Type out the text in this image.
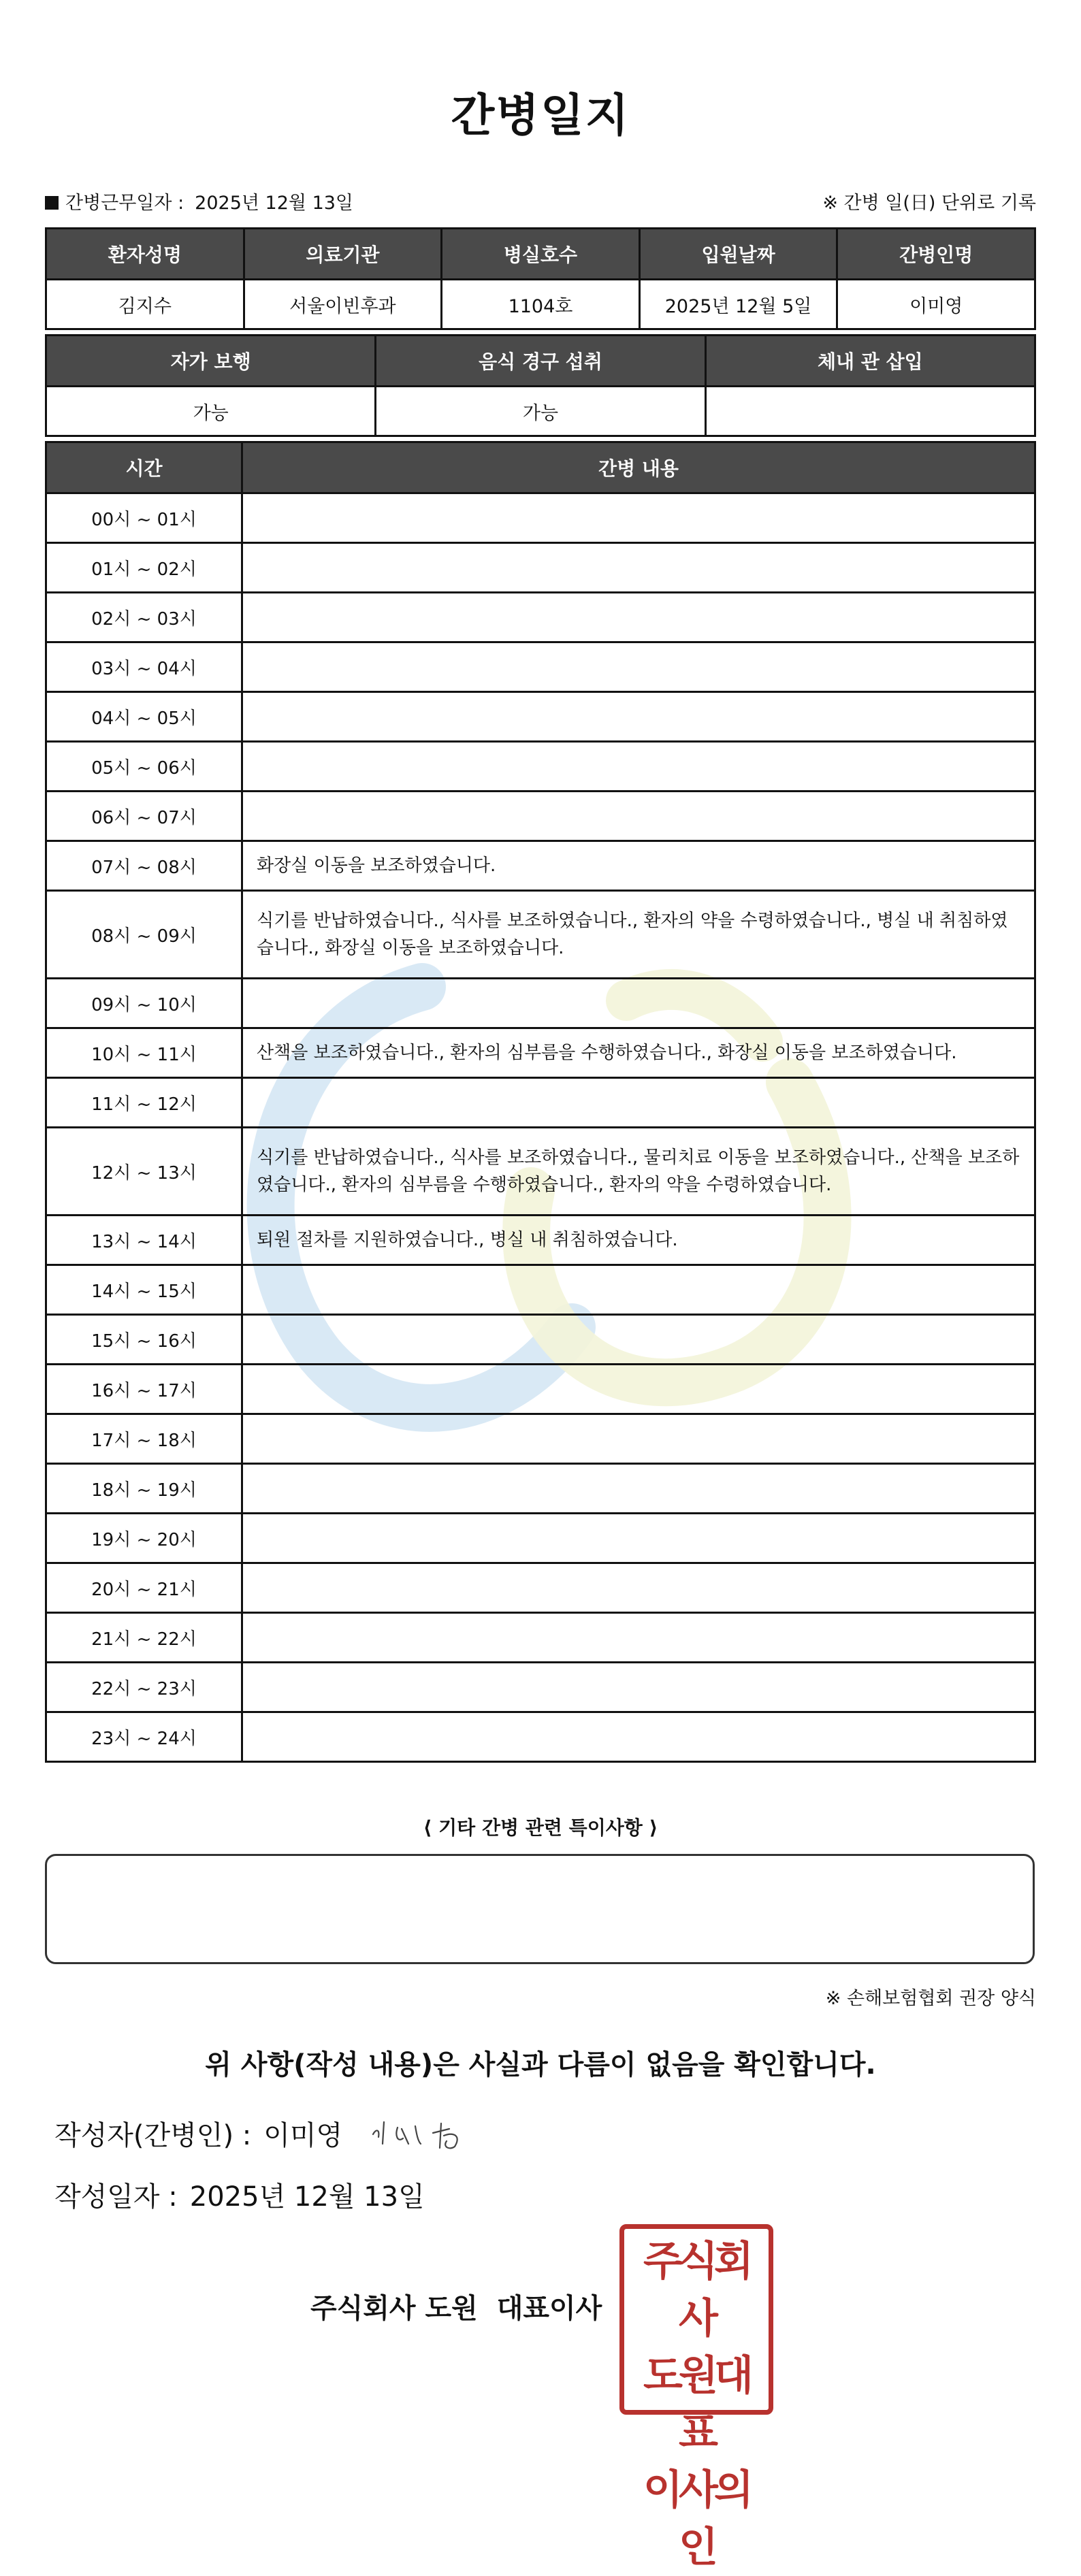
간병일지
간병근무일자 : 2025년 12월 13일	※ 간병 일(日) 단위로 기록
환자성명	의료기관	병실호수	입원날짜	간병인명
김지수	서울이빈후과	1104호	2025년 12월 5일	이미영
자가 보행	음식 경구 섭취	체내 관 삽입
가능	가능	
시간	간병 내용
00시 ~ 01시	
01시 ~ 02시	
02시 ~ 03시	
03시 ~ 04시	
04시 ~ 05시	
05시 ~ 06시	
06시 ~ 07시	
07시 ~ 08시	화장실 이동을 보조하였습니다.
08시 ~ 09시	식기를 반납하였습니다., 식사를 보조하였습니다., 환자의 약을 수령하였습니다., 병실 내 취침하였습니다., 화장실 이동을 보조하였습니다.
09시 ~ 10시	
10시 ~ 11시	산책을 보조하였습니다., 환자의 심부름을 수행하였습니다., 화장실 이동을 보조하였습니다.
11시 ~ 12시	
12시 ~ 13시	식기를 반납하였습니다., 식사를 보조하였습니다., 물리치료 이동을 보조하였습니다., 산책을 보조하였습니다., 환자의 심부름을 수행하였습니다., 환자의 약을 수령하였습니다.
13시 ~ 14시	퇴원 절차를 지원하였습니다., 병실 내 취침하였습니다.
14시 ~ 15시	
15시 ~ 16시	
16시 ~ 17시	
17시 ~ 18시	
18시 ~ 19시	
19시 ~ 20시	
20시 ~ 21시	
21시 ~ 22시	
22시 ~ 23시	
23시 ~ 24시	
⟨ 기타 간병 관련 특이사항 ⟩
※ 손해보험협회 권장 양식
위 사항(작성 내용)은 사실과 다름이 없음을 확인합니다.
작성자(간병인) : 이미영
작성일자 : 2025년 12월 13일
주식회사 도원 대표이사
주식회사
도원대표
이사의인
